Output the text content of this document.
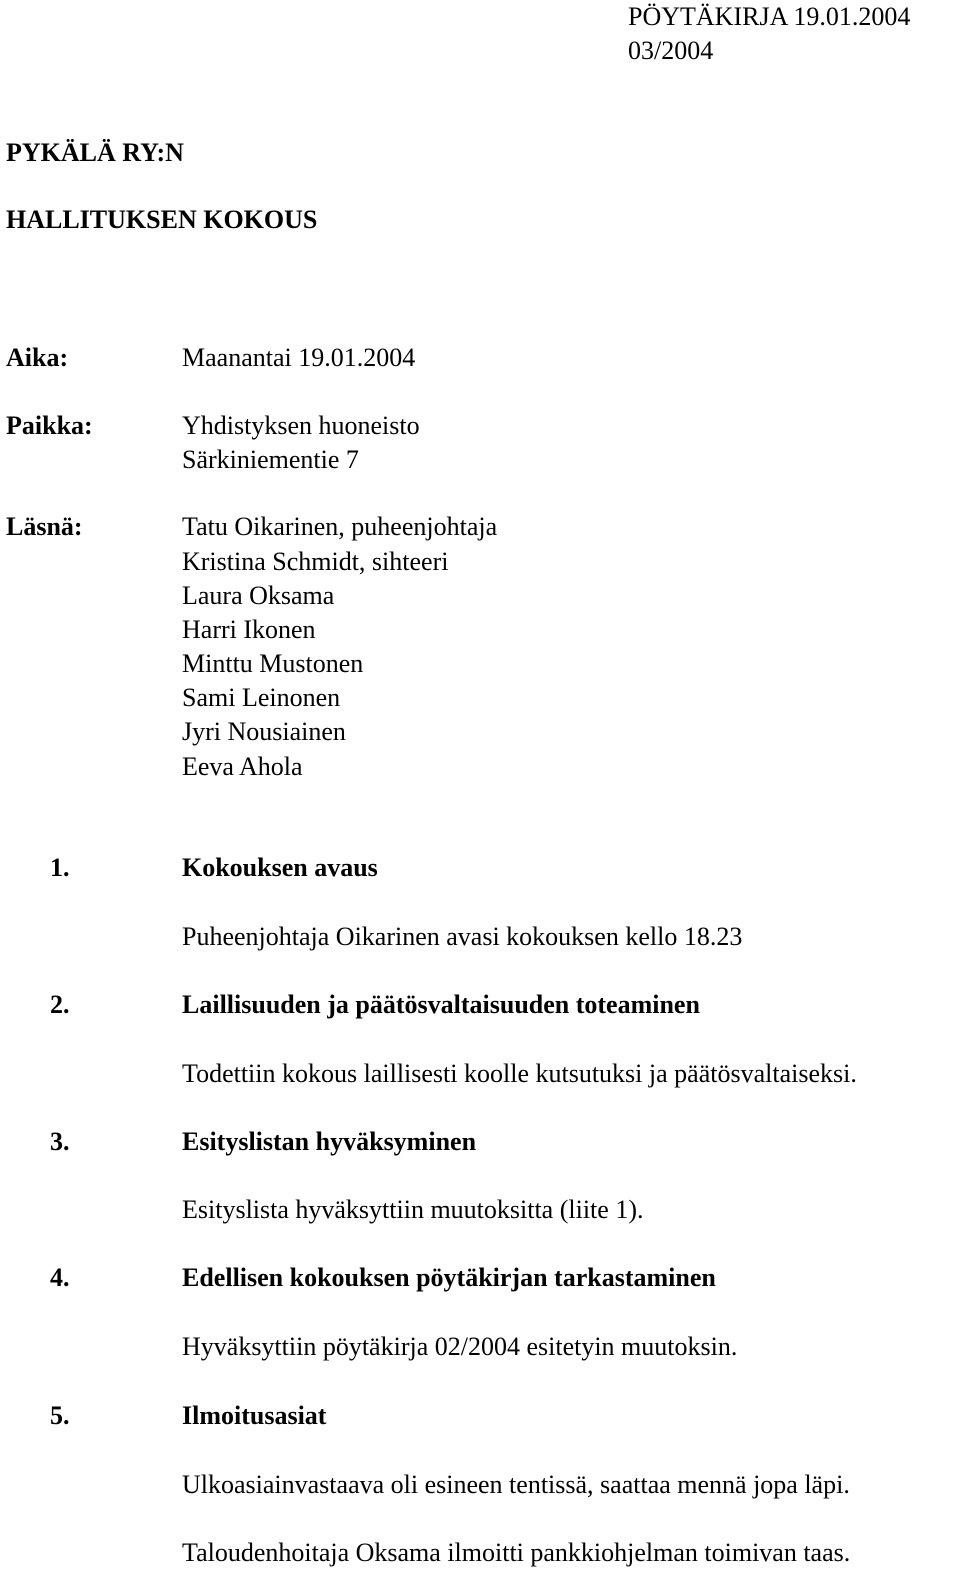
PÖYTÄKIRJA 19.01.2004
03/2004
PYKÄLÄ RY:N
HALLITUKSEN KOKOUS
Aika:	Maanantai 19.01.2004
Paikka:	Yhdistyksen huoneisto
Särkiniementie 7
Läsnä:	Tatu Oikarinen, puheenjohtaja
Kristina Schmidt, sihteeri
Laura Oksama
Harri Ikonen
Minttu Mustonen
Sami Leinonen
Jyri Nousiainen
Eeva Ahola
1.	Kokouksen avaus
Puheenjohtaja Oikarinen avasi kokouksen kello 18.23
2.	Laillisuuden ja päätösvaltaisuuden toteaminen
Todettiin kokous laillisesti koolle kutsutuksi ja päätösvaltaiseksi.
3.	Esityslistan hyväksyminen
Esityslista hyväksyttiin muutoksitta (liite 1).
4.	Edellisen kokouksen pöytäkirjan tarkastaminen
Hyväksyttiin pöytäkirja 02/2004 esitetyin muutoksin.
5.	Ilmoitusasiat
Ulkoasiainvastaava oli esineen tentissä, saattaa mennä jopa läpi.
Taloudenhoitaja Oksama ilmoitti pankkiohjelman toimivan taas.
